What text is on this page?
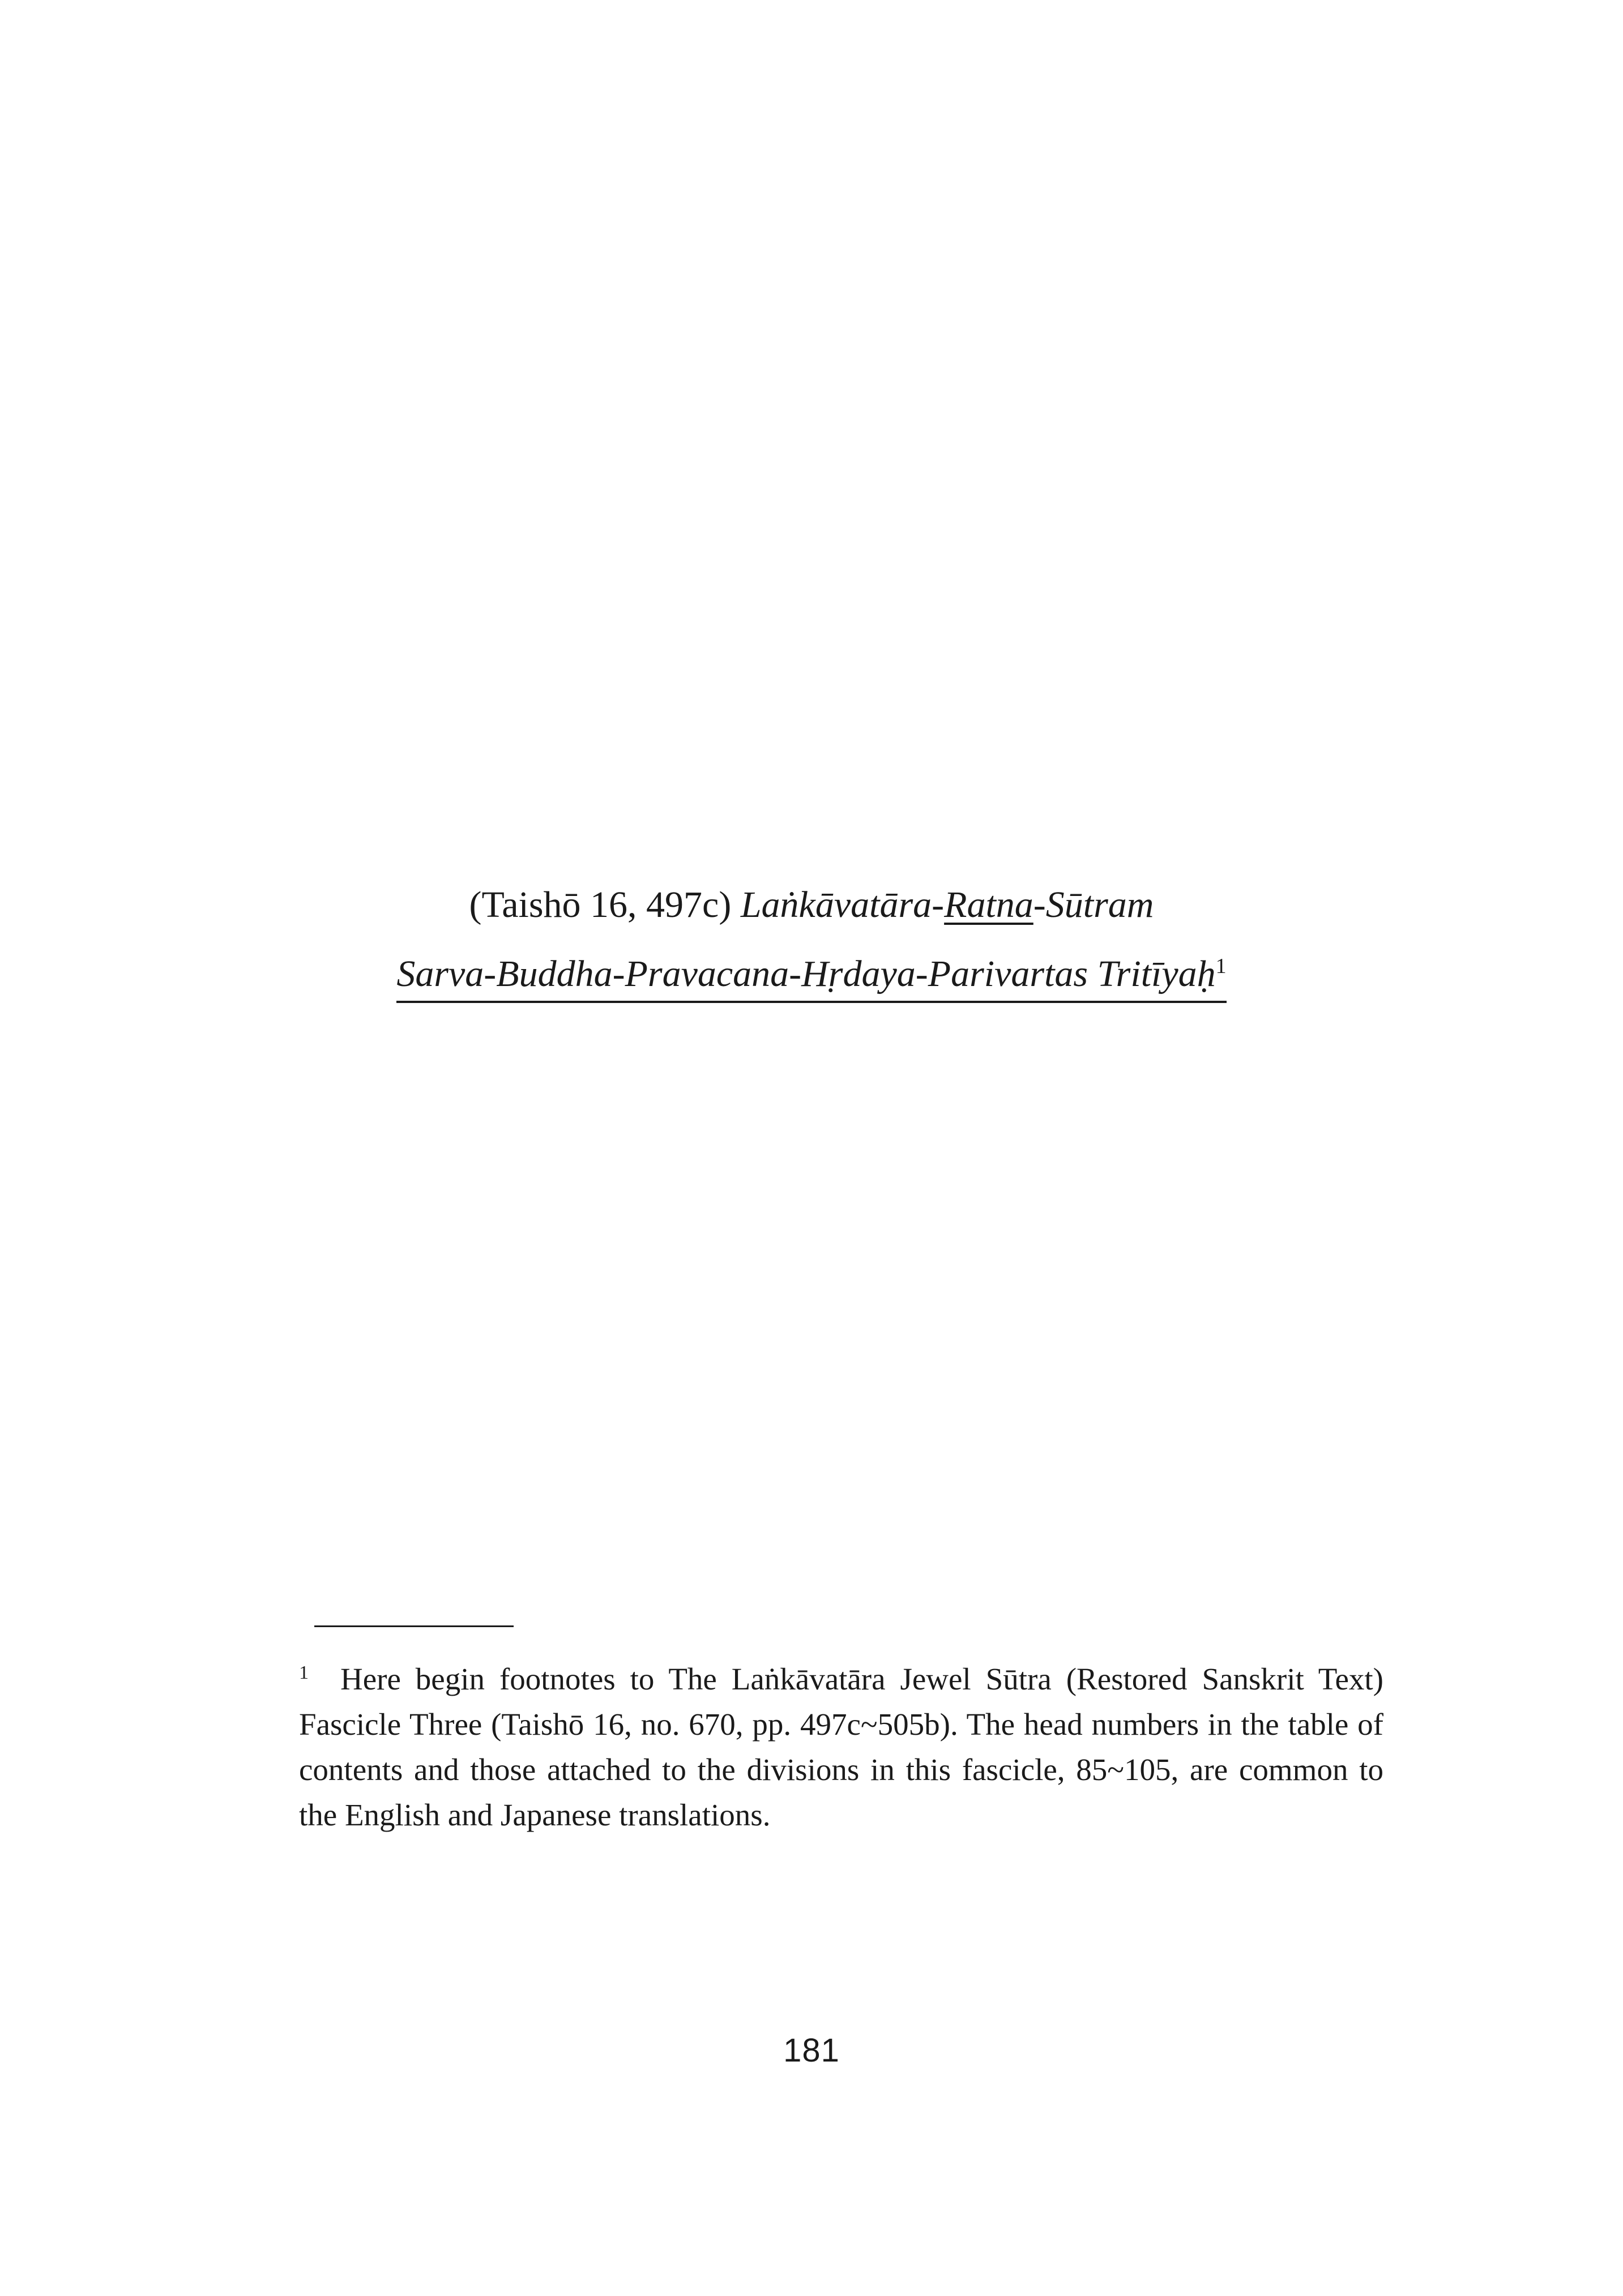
(Taishō 16, 497c) Laṅkāvatāra-Ratna-Sūtram
Sarva-Buddha-Pravacana-Hṛdaya-Parivartas Tritīyaḥ$^1$
$^1$ Here begin footnotes to The Laṅkāvatāra Jewel Sūtra (Restored Sanskrit Text) Fascicle Three (Taishō 16, no. 670, pp. 497c~505b). The head numbers in the table of contents and those attached to the divisions in this fascicle, 85~105, are common to the English and Japanese translations.
181
